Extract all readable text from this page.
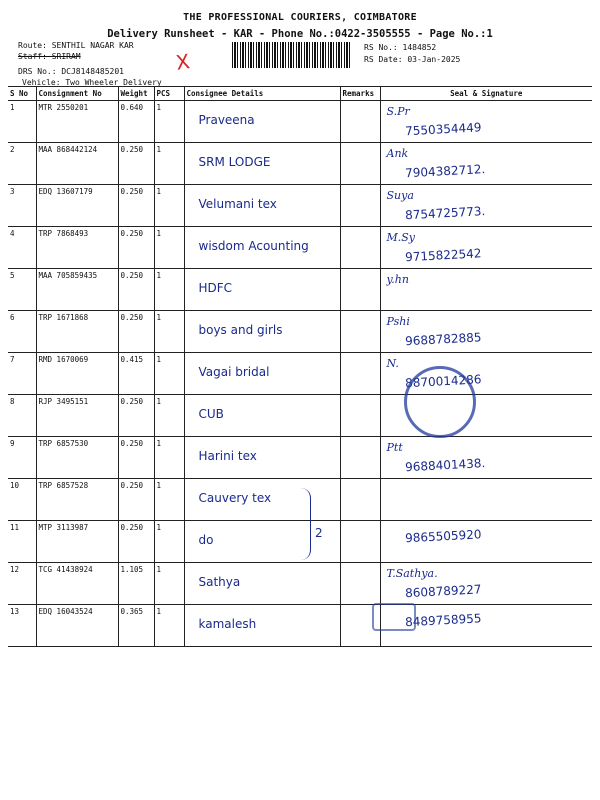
THE PROFESSIONAL COURIERS, COIMBATORE
Delivery Runsheet - KAR - Phone No.:0422-3505555 - Page No.:1
Route: SENTHIL NAGAR KAR
Staff: SRIRAM
DRS No.: DCJ8148485201
Vehicle: Two Wheeler Delivery
X
RS No.: 1484852
RS Date: 03-Jan-2025
S No	Consignment No	Weight	PCS	Consignee Details	Remarks	Seal & Signature
1	MTR 2550201	0.640	1	Praveena		S.Pr
7550354449

2	MAA 868442124	0.250	1	SRM LODGE		Ank
7904382712.

3	EDQ 13607179	0.250	1	Velumani tex		Suya
8754725773.

4	TRP 7868493	0.250	1	wisdom Acounting		M.Sy
9715822542

5	MAA 705859435	0.250	1	HDFC		y.hn

6	TRP 1671868	0.250	1	boys and girls		Pshi
9688782885

7	RMD 1670069	0.415	1	Vagai bridal		N.
8870014286

8	RJP 3495151	0.250	1	CUB		

9	TRP 6857530	0.250	1	Harini tex		Ptt
9688401438.

10	TRP 6857528	0.250	1	Cauvery tex		

11	MTP 3113987	0.250	1	do		9865505920

12	TCG 41438924	1.105	1	Sathya		T.Sathya.
8608789227

13	EDQ 16043524	0.365	1	kamalesh		8489758955
2
